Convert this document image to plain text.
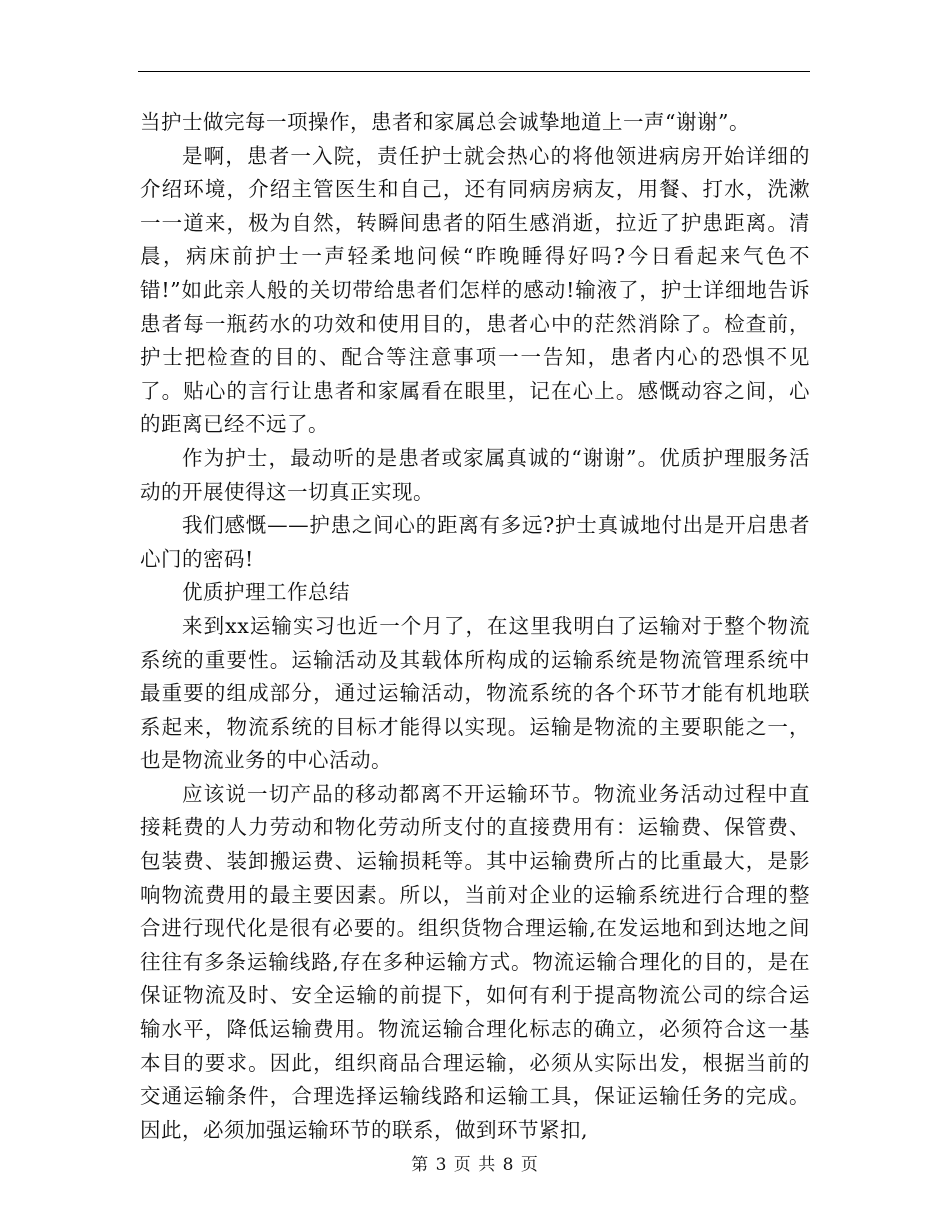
当护士做完每一项操作，患者和家属总会诚挚地道上一声“谢谢”。

是啊，患者一入院，责任护士就会热心的将他领进病房开始详细的介绍环境，介绍主管医生和自己，还有同病房病友，用餐、打水，洗漱一一道来，极为自然，转瞬间患者的陌生感消逝，拉近了护患距离。清晨，病床前护士一声轻柔地问候“昨晚睡得好吗?今日看起来气色不错!”如此亲人般的关切带给患者们怎样的感动!输液了，护士详细地告诉患者每一瓶药水的功效和使用目的，患者心中的茫然消除了。检查前，护士把检查的目的、配合等注意事项一一告知，患者内心的恐惧不见了。贴心的言行让患者和家属看在眼里，记在心上。感慨动容之间，心的距离已经不远了。

作为护士，最动听的是患者或家属真诚的“谢谢”。优质护理服务活动的开展使得这一切真正实现。

我们感慨——护患之间心的距离有多远?护士真诚地付出是开启患者心门的密码!

优质护理工作总结

来到xx运输实习也近一个月了，在这里我明白了运输对于整个物流系统的重要性。运输活动及其载体所构成的运输系统是物流管理系统中最重要的组成部分，通过运输活动，物流系统的各个环节才能有机地联系起来，物流系统的目标才能得以实现。运输是物流的主要职能之一，也是物流业务的中心活动。

应该说一切产品的移动都离不开运输环节。物流业务活动过程中直接耗费的人力劳动和物化劳动所支付的直接费用有：运输费、保管费、包装费、装卸搬运费、运输损耗等。其中运输费所占的比重最大，是影响物流费用的最主要因素。所以，当前对企业的运输系统进行合理的整合进行现代化是很有必要的。组织货物合理运输,在发运地和到达地之间往往有多条运输线路,存在多种运输方式。物流运输合理化的目的，是在保证物流及时、安全运输的前提下，如何有利于提高物流公司的综合运输水平，降低运输费用。物流运输合理化标志的确立，必须符合这一基本目的要求。因此，组织商品合理运输，必须从实际出发，根据当前的交通运输条件，合理选择运输线路和运输工具，保证运输任务的完成。因此，必须加强运输环节的联系，做到环节紧扣,

第 3 页 共 8 页
